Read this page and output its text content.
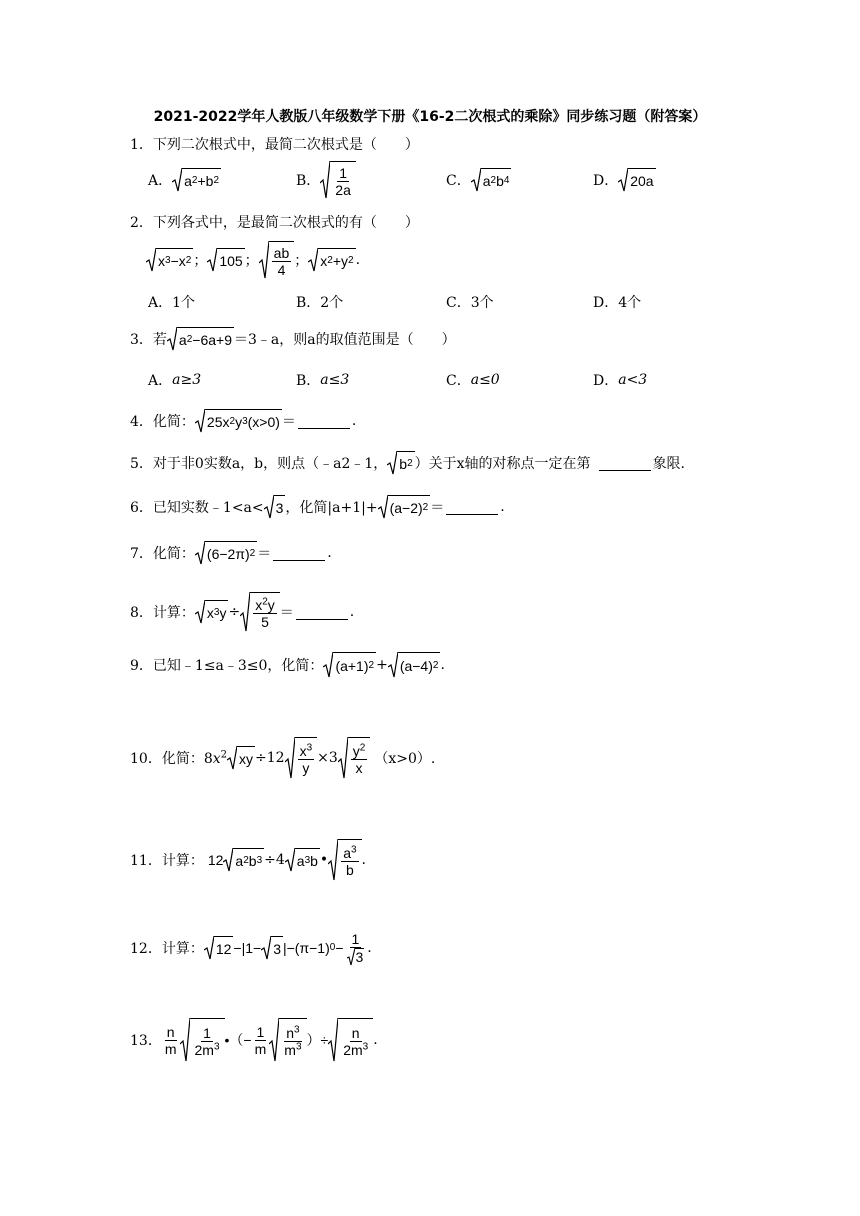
2021-2022学年人教版八年级数学下册《16-2二次根式的乘除》同步练习题（附答案）
1．下列二次根式中，最简二次根式是（　　）
A． a 2 +b 2	B． $\frac{1}{2a}$	C． a 2 b 4	D． 20a
2．下列各式中，是最简二次根式的有（　　）
x 3 −x 2 ； 105 ； $\frac{ab}{4}$ ； x 2 +y 2 .
A． 1个	B． 2个	C． 3个	D． 4个
3．若 a 2 −6a+9 ＝3﹣a，则a的取值范围是（　　）
A． a≥3	B． a≤3	C． a≤0	D． a<3
4．化简： 25x 2 y 3 (x>0) ＝	.
5．对于非0实数a，b，则点（﹣a2﹣1， b 2 ）关于x轴的对称点一定在第	象限.
6．已知实数﹣1<a< 3 ，化简|a+1|+ (a−2) 2 ＝	.
7．化简： (6−2π) 2 ＝	.
8．计算： x 3 $y \div \frac{x^2y}{5}$ ＝	.
9．已知﹣1≤a﹣3≤0，化简： (a+1) 2 + (a−4) 2 .
10．化简：$8x^2$ xy $\div 12 \frac{x^3}{y} \times 3 \frac{y^2}{x} (x>0)$.
11．计算： 12 a 2 b 3 ÷4 a 3 b • $\frac{a^3}{b}$ .
12．计算： 12 −|1− 3 |−(π−1) $0 - \frac{1}{3}$ .
13． $\frac{n}{m} \frac{1}{2m^3}$ •（− $\frac{1}{m} \frac{n^3}{m^3}$ ）÷ $\frac{n}{2m^3}$ .
